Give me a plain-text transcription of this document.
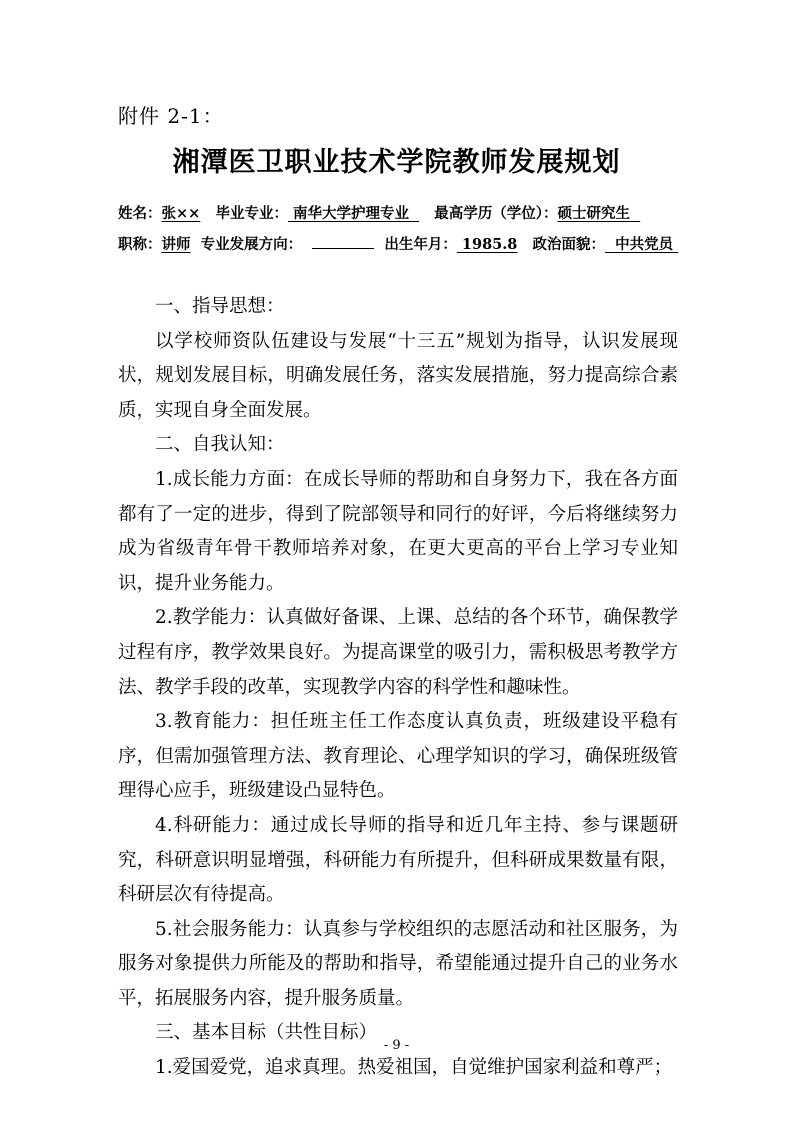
附件 2-1：
湘潭医卫职业技术学院教师发展规划
姓名：张×× 毕业专业： 南华大学护理专业 最高学历（学位）：硕士研究生
职称：讲师 专业发展方向：	出生年月： 1985.8 政治面貌： 中共党员

一、指导思想：

以学校师资队伍建设与发展“十三五”规划为指导，认识发展现状，规划发展目标，明确发展任务，落实发展措施，努力提高综合素质，实现自身全面发展。

二、自我认知：

1.成长能力方面：在成长导师的帮助和自身努力下，我在各方面都有了一定的进步，得到了院部领导和同行的好评，今后将继续努力成为省级青年骨干教师培养对象，在更大更高的平台上学习专业知识，提升业务能力。

2.教学能力：认真做好备课、上课、总结的各个环节，确保教学过程有序，教学效果良好。为提高课堂的吸引力，需积极思考教学方法、教学手段的改革，实现教学内容的科学性和趣味性。

3.教育能力：担任班主任工作态度认真负责，班级建设平稳有序，但需加强管理方法、教育理论、心理学知识的学习，确保班级管理得心应手，班级建设凸显特色。

4.科研能力：通过成长导师的指导和近几年主持、参与课题研究，科研意识明显增强，科研能力有所提升，但科研成果数量有限，科研层次有待提高。

5.社会服务能力：认真参与学校组织的志愿活动和社区服务，为服务对象提供力所能及的帮助和指导，希望能通过提升自己的业务水平，拓展服务内容，提升服务质量。

三、基本目标（共性目标）

1.爱国爱党，追求真理。热爱祖国，自觉维护国家利益和尊严；

- 9 -
